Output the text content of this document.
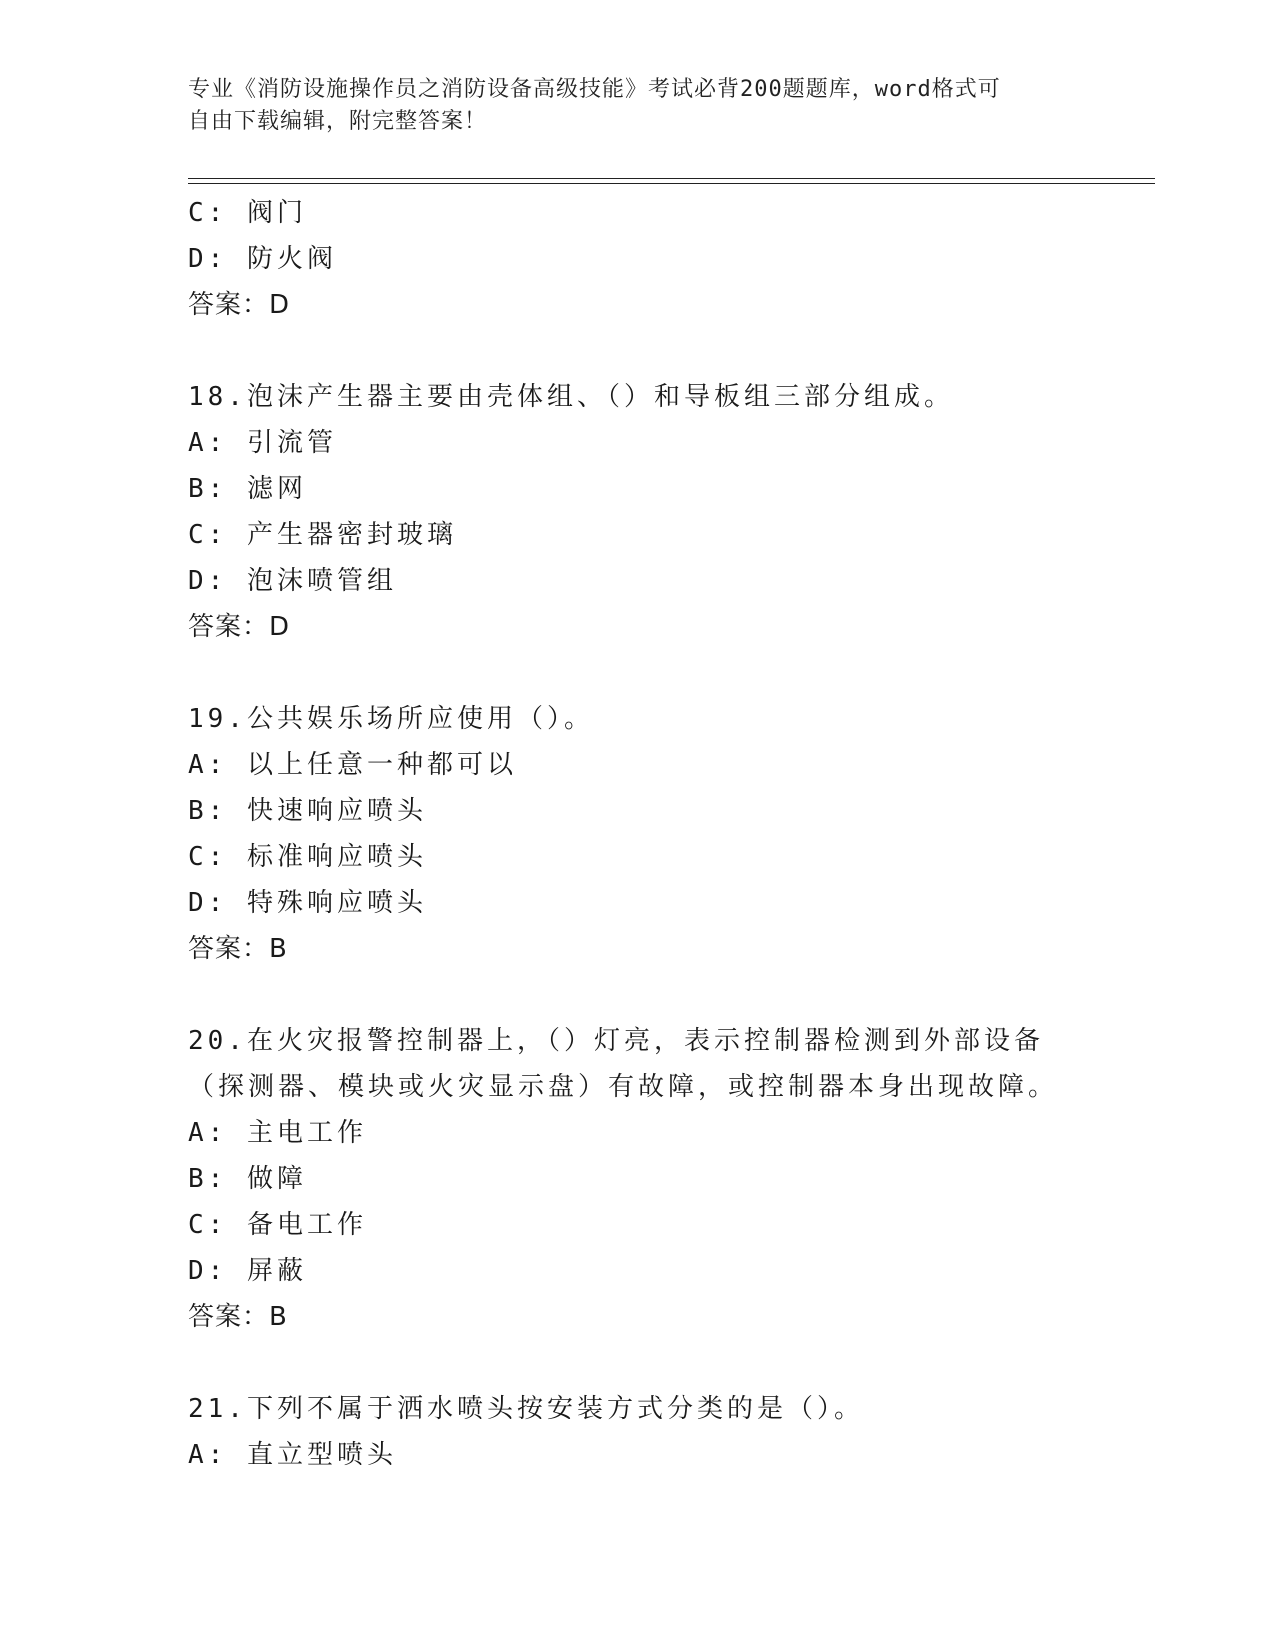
专业《消防设施操作员之消防设备高级技能》考试必背200题题库，word格式可
自由下载编辑，附完整答案！
C: 阀门
D: 防火阀
答案：D
18.泡沫产生器主要由壳体组、（）和导板组三部分组成。
A: 引流管
B: 滤网
C: 产生器密封玻璃
D: 泡沫喷管组
答案：D
19.公共娱乐场所应使用（）。
A: 以上任意一种都可以
B: 快速响应喷头
C: 标准响应喷头
D: 特殊响应喷头
答案：B
20.在火灾报警控制器上，（）灯亮，表示控制器检测到外部设备（探测器、模块或火灾显示盘）有故障，或控制器本身出现故障。
A: 主电工作
B: 做障
C: 备电工作
D: 屏蔽
答案：B
21.下列不属于洒水喷头按安装方式分类的是（）。
A: 直立型喷头
